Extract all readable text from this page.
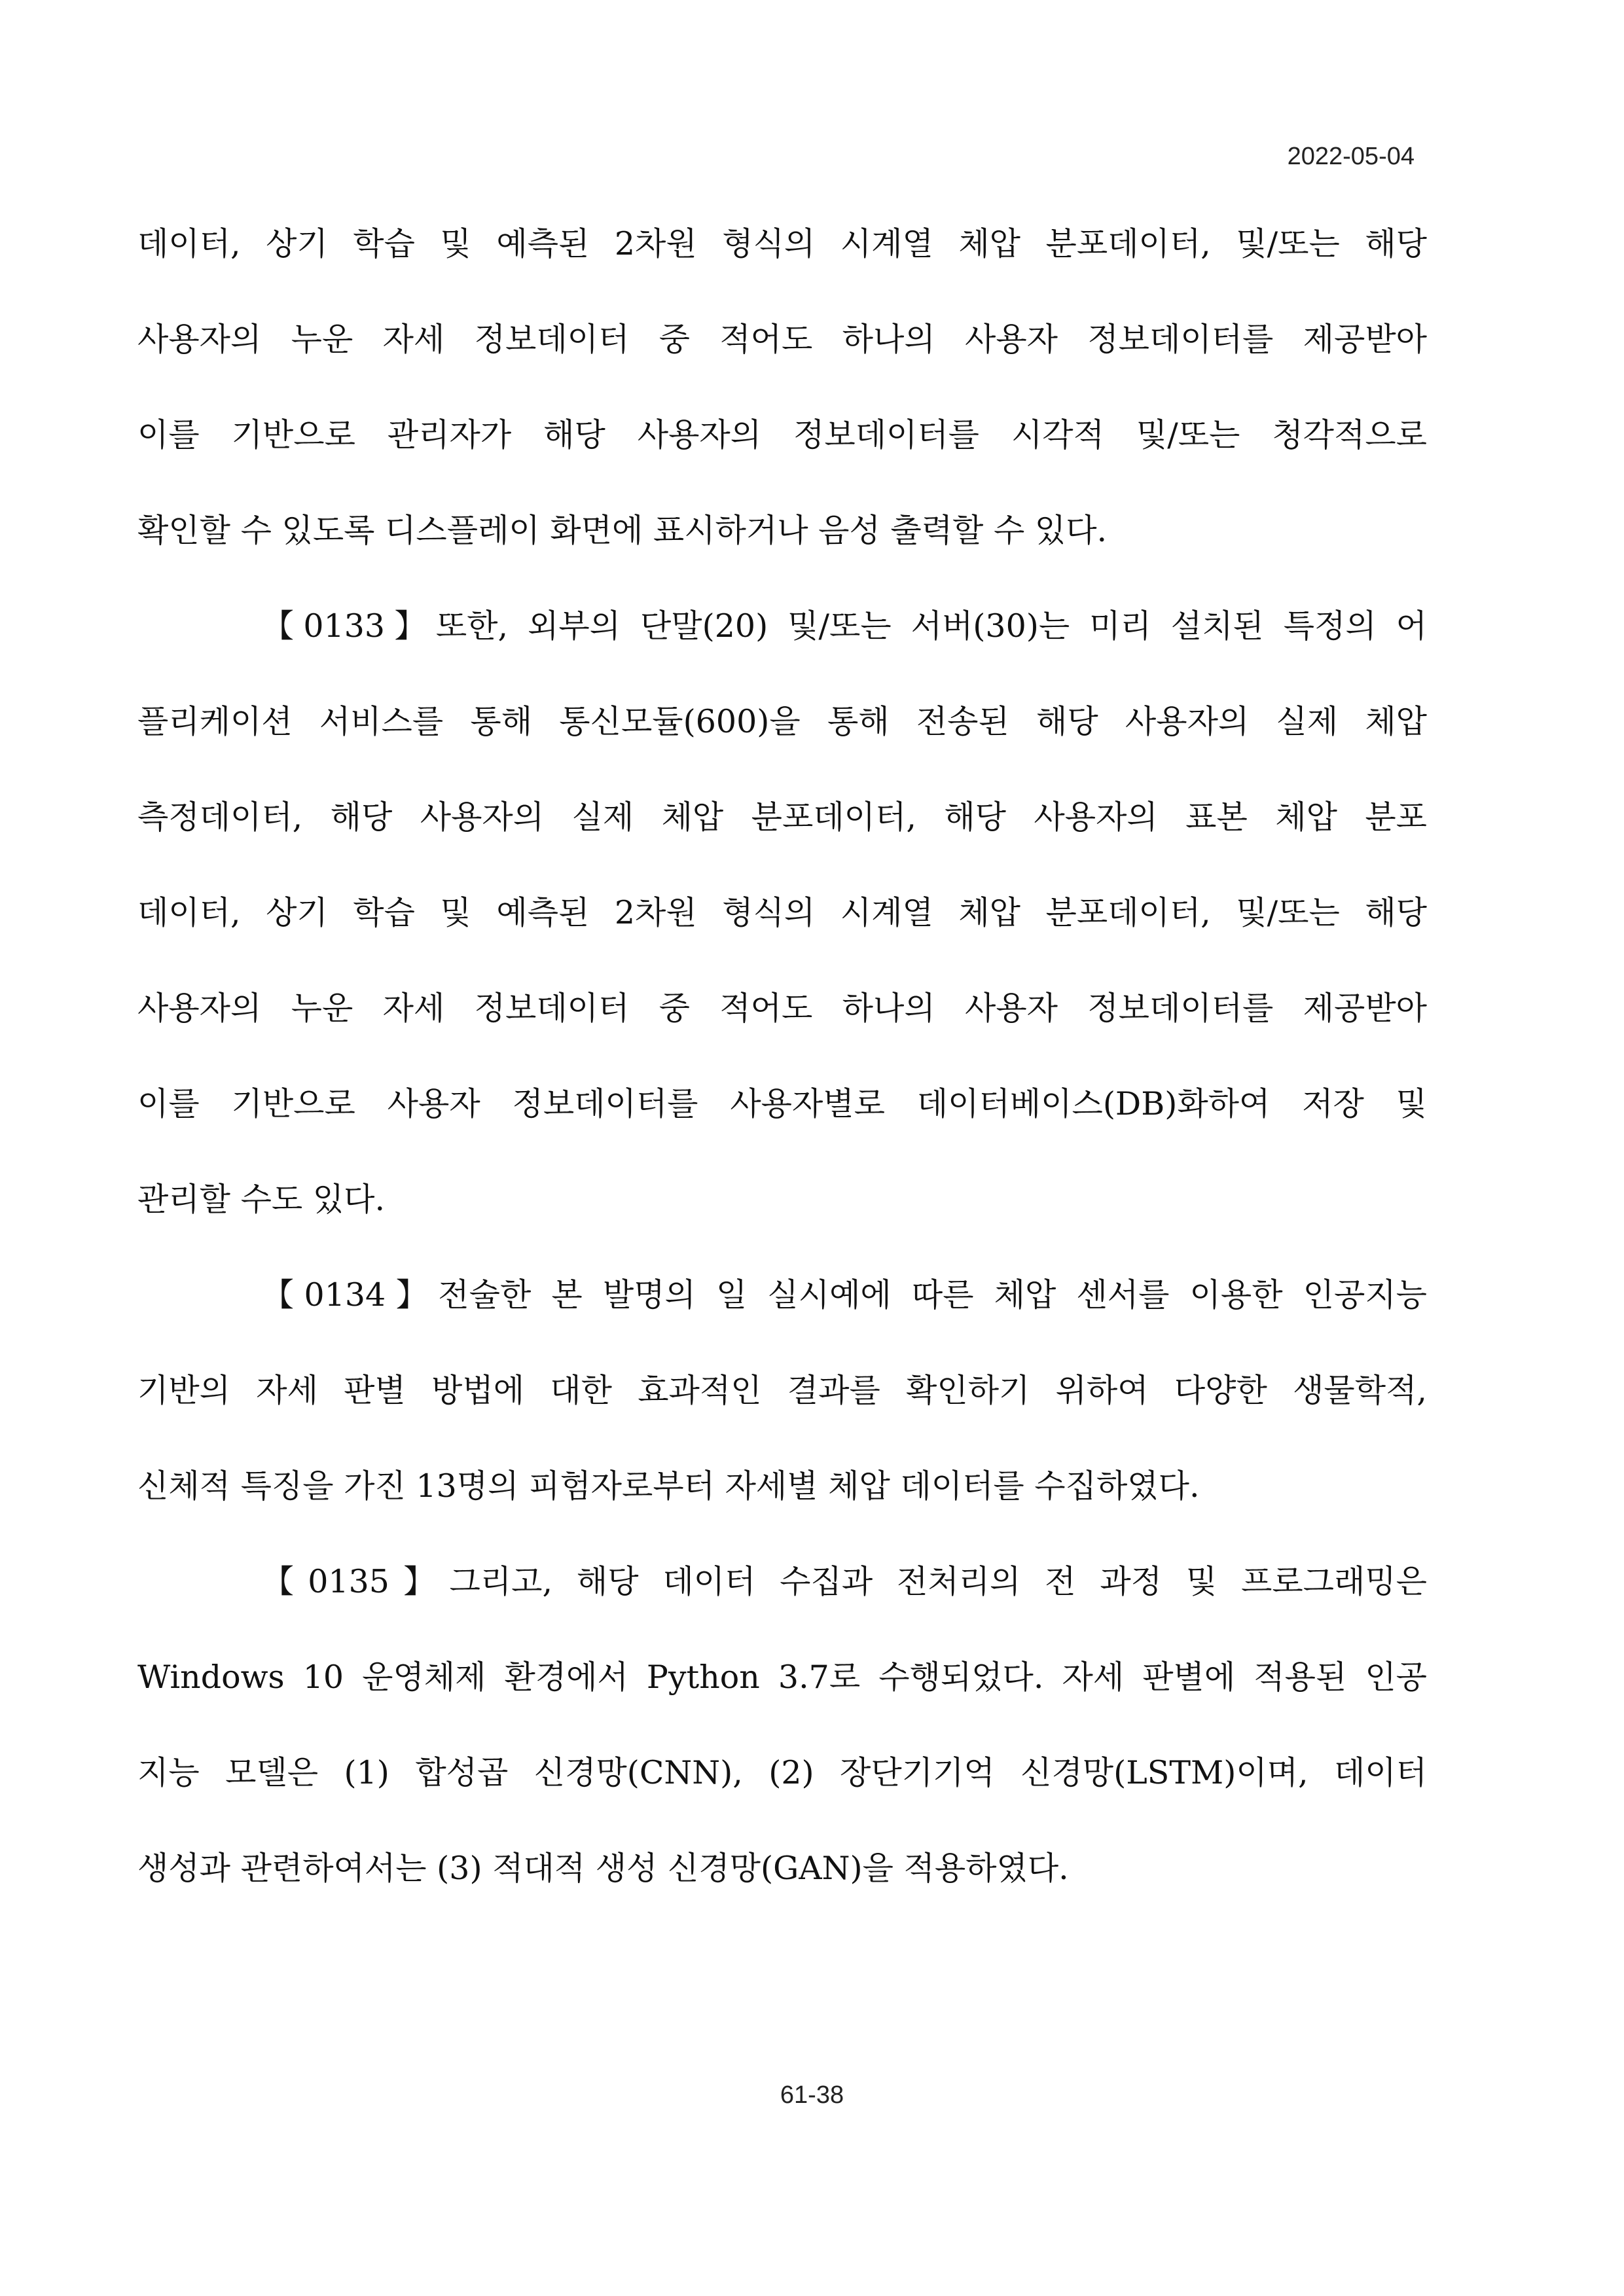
2022-05-04
데이터, 상기 학습 및 예측된 2차원 형식의 시계열 체압 분포데이터, 및/또는 해당
사용자의 누운 자세 정보데이터 중 적어도 하나의 사용자 정보데이터를 제공받아
이를 기반으로 관리자가 해당 사용자의 정보데이터를 시각적 및/또는 청각적으로
확인할 수 있도록 디스플레이 화면에 표시하거나 음성 출력할 수 있다.
【0133】또한, 외부의 단말(20) 및/또는 서버(30)는 미리 설치된 특정의 어
플리케이션 서비스를 통해 통신모듈(600)을 통해 전송된 해당 사용자의 실제 체압
측정데이터, 해당 사용자의 실제 체압 분포데이터, 해당 사용자의 표본 체압 분포
데이터, 상기 학습 및 예측된 2차원 형식의 시계열 체압 분포데이터, 및/또는 해당
사용자의 누운 자세 정보데이터 중 적어도 하나의 사용자 정보데이터를 제공받아
이를 기반으로 사용자 정보데이터를 사용자별로 데이터베이스(DB)화하여 저장 및
관리할 수도 있다.
【0134】전술한 본 발명의 일 실시예에 따른 체압 센서를 이용한 인공지능
기반의 자세 판별 방법에 대한 효과적인 결과를 확인하기 위하여 다양한 생물학적,
신체적 특징을 가진 13명의 피험자로부터 자세별 체압 데이터를 수집하였다.
【0135】그리고, 해당 데이터 수집과 전처리의 전 과정 및 프로그래밍은
Windows 10 운영체제 환경에서 Python 3.7로 수행되었다. 자세 판별에 적용된 인공
지능 모델은 (1) 합성곱 신경망(CNN), (2) 장단기기억 신경망(LSTM)이며, 데이터
생성과 관련하여서는 (3) 적대적 생성 신경망(GAN)을 적용하였다.
61-38
